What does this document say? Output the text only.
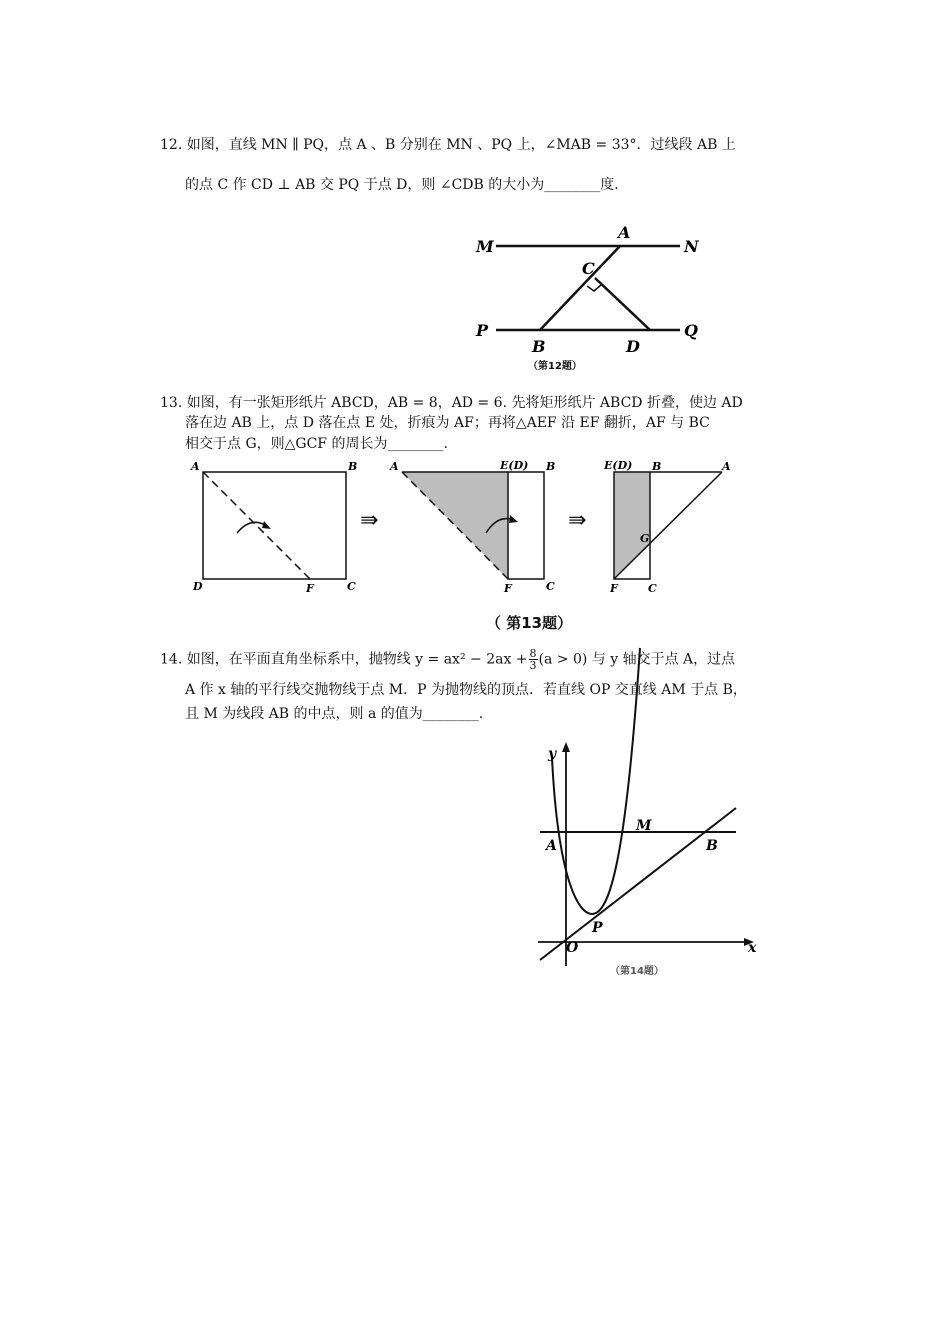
12. 如图，直线 MN ∥ PQ，点 A 、B 分别在 MN 、PQ 上，∠MAB = 33°．过线段 AB 上
的点 C 作 CD ⊥ AB 交 PQ 于点 D，则 ∠CDB 的大小为________度．
M	N
A
C
P	Q
B	D
（第12题）
13. 如图，有一张矩形纸片 ABCD，AB = 8，AD = 6. 先将矩形纸片 ABCD 折叠，使边 AD
落在边 AB 上，点 D 落在点 E 处，折痕为 AF；再将△AEF 沿 EF 翻折，AF 与 BC
相交于点 G，则△GCF 的周长为________.
A	B
D	F	C
⇛
A	E(D) B
F	C
⇛
E(D) B	A
G
F	C
（ 第13题）
14. 如图，在平面直角坐标系中，抛物线 $y = ax^2 - 2ax + \frac{8}{3} (a > 0)$ 与 y 轴交于点 A，过点
A 作 x 轴的平行线交抛物线于点 M．P 为抛物线的顶点．若直线 OP 交直线 AM 于点 B，
且 M 为线段 AB 的中点，则 a 的值为________.
y
x
O
A
M
B
P
（第14题）
